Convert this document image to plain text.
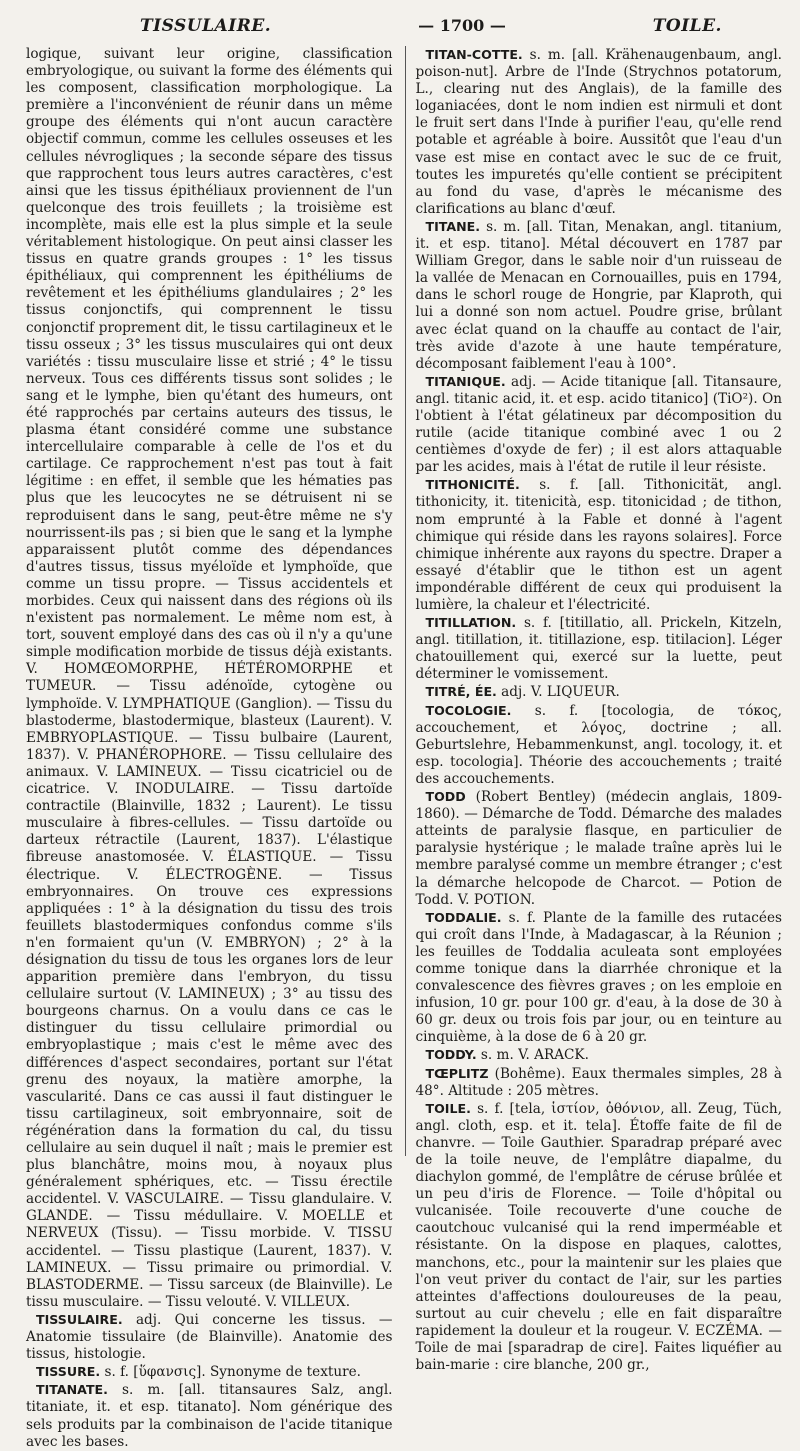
TISSULAIRE.	— 1700 —	TOILE.

logique, suivant leur origine, classification embryologique, ou suivant la forme des éléments qui les composent, classification morphologique. La première a l'inconvénient de réunir dans un même groupe des éléments qui n'ont aucun caractère objectif commun, comme les cellules osseuses et les cellules névrogliques ; la seconde sépare des tissus que rapprochent tous leurs autres caractères, c'est ainsi que les tissus épithéliaux proviennent de l'un quelconque des trois feuillets ; la troisième est incomplète, mais elle est la plus simple et la seule véritablement histologique. On peut ainsi classer les tissus en quatre grands groupes : 1° les tissus épithéliaux, qui comprennent les épithéliums de revêtement et les épithéliums glandulaires ; 2° les tissus conjonctifs, qui comprennent le tissu conjonctif proprement dit, le tissu cartilagineux et le tissu osseux ; 3° les tissus musculaires qui ont deux variétés : tissu musculaire lisse et strié ; 4° le tissu nerveux. Tous ces différents tissus sont solides ; le sang et le lymphe, bien qu'étant des humeurs, ont été rapprochés par certains auteurs des tissus, le plasma étant considéré comme une substance intercellulaire comparable à celle de l'os et du cartilage. Ce rapprochement n'est pas tout à fait légitime : en effet, il semble que les hématies pas plus que les leucocytes ne se détruisent ni se reproduisent dans le sang, peut-être même ne s'y nourrissent-ils pas ; si bien que le sang et la lymphe apparaissent plutôt comme des dépendances d'autres tissus, tissus myéloïde et lymphoïde, que comme un tissu propre. — Tissus accidentels et morbides. Ceux qui naissent dans des régions où ils n'existent pas normalement. Le même nom est, à tort, souvent employé dans des cas où il n'y a qu'une simple modification morbide de tissus déjà existants. V. HOMŒOMORPHE, HÉTÉROMORPHE et TUMEUR. — Tissu adénoïde, cytogène ou lymphoïde. V. LYMPHATIQUE (Ganglion). — Tissu du blastoderme, blastodermique, blasteux (Laurent). V. EMBRYOPLASTIQUE. — Tissu bulbaire (Laurent, 1837). V. PHANÉROPHORE. — Tissu cellulaire des animaux. V. LAMINEUX. — Tissu cicatriciel ou de cicatrice. V. INODULAIRE. — Tissu dartoïde contractile (Blainville, 1832 ; Laurent). Le tissu musculaire à fibres-cellules. — Tissu dartoïde ou darteux rétractile (Laurent, 1837). L'élastique fibreuse anastomosée. V. ÉLASTIQUE. — Tissu électrique. V. ÉLECTROGÈNE. — Tissus embryonnaires. On trouve ces expressions appliquées : 1° à la désignation du tissu des trois feuillets blastodermiques confondus comme s'ils n'en formaient qu'un (V. EMBRYON) ; 2° à la désignation du tissu de tous les organes lors de leur apparition première dans l'embryon, du tissu cellulaire surtout (V. LAMINEUX) ; 3° au tissu des bourgeons charnus. On a voulu dans ce cas le distinguer du tissu cellulaire primordial ou embryoplastique ; mais c'est le même avec des différences d'aspect secondaires, portant sur l'état grenu des noyaux, la matière amorphe, la vascularité. Dans ce cas aussi il faut distinguer le tissu cartilagineux, soit embryonnaire, soit de régénération dans la formation du cal, du tissu cellulaire au sein duquel il naît ; mais le premier est plus blanchâtre, moins mou, à noyaux plus généralement sphériques, etc. — Tissu érectile accidentel. V. VASCULAIRE. — Tissu glandulaire. V. GLANDE. — Tissu médullaire. V. MOELLE et NERVEUX (Tissu). — Tissu morbide. V. TISSU accidentel. — Tissu plastique (Laurent, 1837). V. LAMINEUX. — Tissu primaire ou primordial. V. BLASTODERME. — Tissu sarceux (de Blainville). Le tissu musculaire. — Tissu velouté. V. VILLEUX.

TISSULAIRE. adj. Qui concerne les tissus. — Anatomie tissulaire (de Blainville). Anatomie des tissus, histologie.

TISSURE. s. f. [ὕφανσις]. Synonyme de texture.

TITANATE. s. m. [all. titansaures Salz, angl. titaniate, it. et esp. titanato]. Nom générique des sels produits par la combinaison de l'acide titanique avec les bases.

TITAN-COTTE. s. m. [all. Krähenaugenbaum, angl. poison-nut]. Arbre de l'Inde (Strychnos potatorum, L., clearing nut des Anglais), de la famille des loganiacées, dont le nom indien est nirmuli et dont le fruit sert dans l'Inde à purifier l'eau, qu'elle rend potable et agréable à boire. Aussitôt que l'eau d'un vase est mise en contact avec le suc de ce fruit, toutes les impuretés qu'elle contient se précipitent au fond du vase, d'après le mécanisme des clarifications au blanc d'œuf.

TITANE. s. m. [all. Titan, Menakan, angl. titanium, it. et esp. titano]. Métal découvert en 1787 par William Gregor, dans le sable noir d'un ruisseau de la vallée de Menacan en Cornouailles, puis en 1794, dans le schorl rouge de Hongrie, par Klaproth, qui lui a donné son nom actuel. Poudre grise, brûlant avec éclat quand on la chauffe au contact de l'air, très avide d'azote à une haute température, décomposant faiblement l'eau à 100°.

TITANIQUE. adj. — Acide titanique [all. Titansaure, angl. titanic acid, it. et esp. acido titanico] (TiO²). On l'obtient à l'état gélatineux par décomposition du rutile (acide titanique combiné avec 1 ou 2 centièmes d'oxyde de fer) ; il est alors attaquable par les acides, mais à l'état de rutile il leur résiste.

TITHONICITÉ. s. f. [all. Tithonicität, angl. tithonicity, it. titenicità, esp. titonicidad ; de tithon, nom emprunté à la Fable et donné à l'agent chimique qui réside dans les rayons solaires]. Force chimique inhérente aux rayons du spectre. Draper a essayé d'établir que le tithon est un agent impondérable différent de ceux qui produisent la lumière, la chaleur et l'électricité.

TITILLATION. s. f. [titillatio, all. Prickeln, Kitzeln, angl. titillation, it. titillazione, esp. titilacion]. Léger chatouillement qui, exercé sur la luette, peut déterminer le vomissement.

TITRÉ, ÉE. adj. V. LIQUEUR.

TOCOLOGIE. s. f. [tocologia, de τόκος, accouchement, et λόγος, doctrine ; all. Geburtslehre, Hebammenkunst, angl. tocology, it. et esp. tocologia]. Théorie des accouchements ; traité des accouchements.

TODD (Robert Bentley) (médecin anglais, 1809-1860). — Démarche de Todd. Démarche des malades atteints de paralysie flasque, en particulier de paralysie hystérique ; le malade traîne après lui le membre paralysé comme un membre étranger ; c'est la démarche helcopode de Charcot. — Potion de Todd. V. POTION.

TODDALIE. s. f. Plante de la famille des rutacées qui croît dans l'Inde, à Madagascar, à la Réunion ; les feuilles de Toddalia aculeata sont employées comme tonique dans la diarrhée chronique et la convalescence des fièvres graves ; on les emploie en infusion, 10 gr. pour 100 gr. d'eau, à la dose de 30 à 60 gr. deux ou trois fois par jour, ou en teinture au cinquième, à la dose de 6 à 20 gr.

TODDY. s. m. V. ARACK.

TŒPLITZ (Bohême). Eaux thermales simples, 28 à 48°. Altitude : 205 mètres.

TOILE. s. f. [tela, ἱστίον, ὀθόνιον, all. Zeug, Tüch, angl. cloth, esp. et it. tela]. Étoffe faite de fil de chanvre. — Toile Gauthier. Sparadrap préparé avec de la toile neuve, de l'emplâtre diapalme, du diachylon gommé, de l'emplâtre de céruse brûlée et un peu d'iris de Florence. — Toile d'hôpital ou vulcanisée. Toile recouverte d'une couche de caoutchouc vulcanisé qui la rend imperméable et résistante. On la dispose en plaques, calottes, manchons, etc., pour la maintenir sur les plaies que l'on veut priver du contact de l'air, sur les parties atteintes d'affections douloureuses de la peau, surtout au cuir chevelu ; elle en fait disparaître rapidement la douleur et la rougeur. V. ECZÉMA. — Toile de mai [sparadrap de cire]. Faites liquéfier au bain-marie : cire blanche, 200 gr.,
